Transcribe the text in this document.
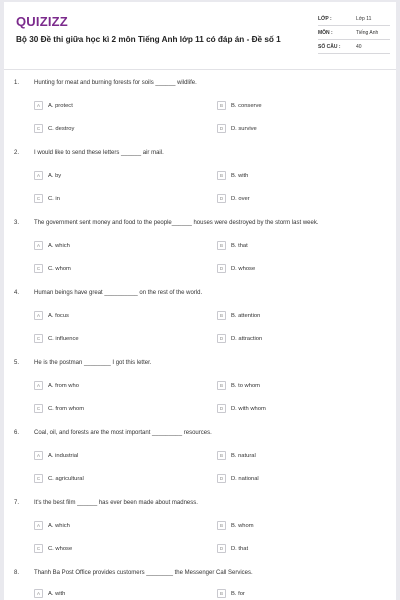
QUIZIZZ
Bộ 30 Đề thi giữa học kì 2 môn Tiếng Anh lớp 11 có đáp án - Đề số 1
LỚP :	Lớp 11
MÔN :	Tiếng Anh
SỐ CÂU :	40
1. Hunting for meat and burning forests for soils ______ wildlife.
A	A. protect	B	B. conserve
C	C. destroy	D	D. survive
2. I would like to send these letters ______ air mail.
A	A. by	B	B. with
C	C. in	D	D. over
3. The government sent money and food to the people______ houses were destroyed by the storm last week.
A	A. which	B	B. that
C	C. whom	D	D. whose
4. Human beings have great __________ on the rest of the world.
A	A. focus	B	B. attention
C	C. influence	D	D. attraction
5. He is the postman ________ I got this letter.
A	A. from who	B	B. to whom
C	C. from whom	D	D. with whom
6. Coal, oil, and forests are the most important _________ resources.
A	A. industrial	B	B. natural
C	C. agricultural	D	D. national
7. It's the best film ______ has ever been made about madness.
A	A. which	B	B. whom
C	C. whose	D	D. that
8. Thanh Ba Post Office provides customers ________ the Messenger Call Services.
A	A. with	B	B. for
